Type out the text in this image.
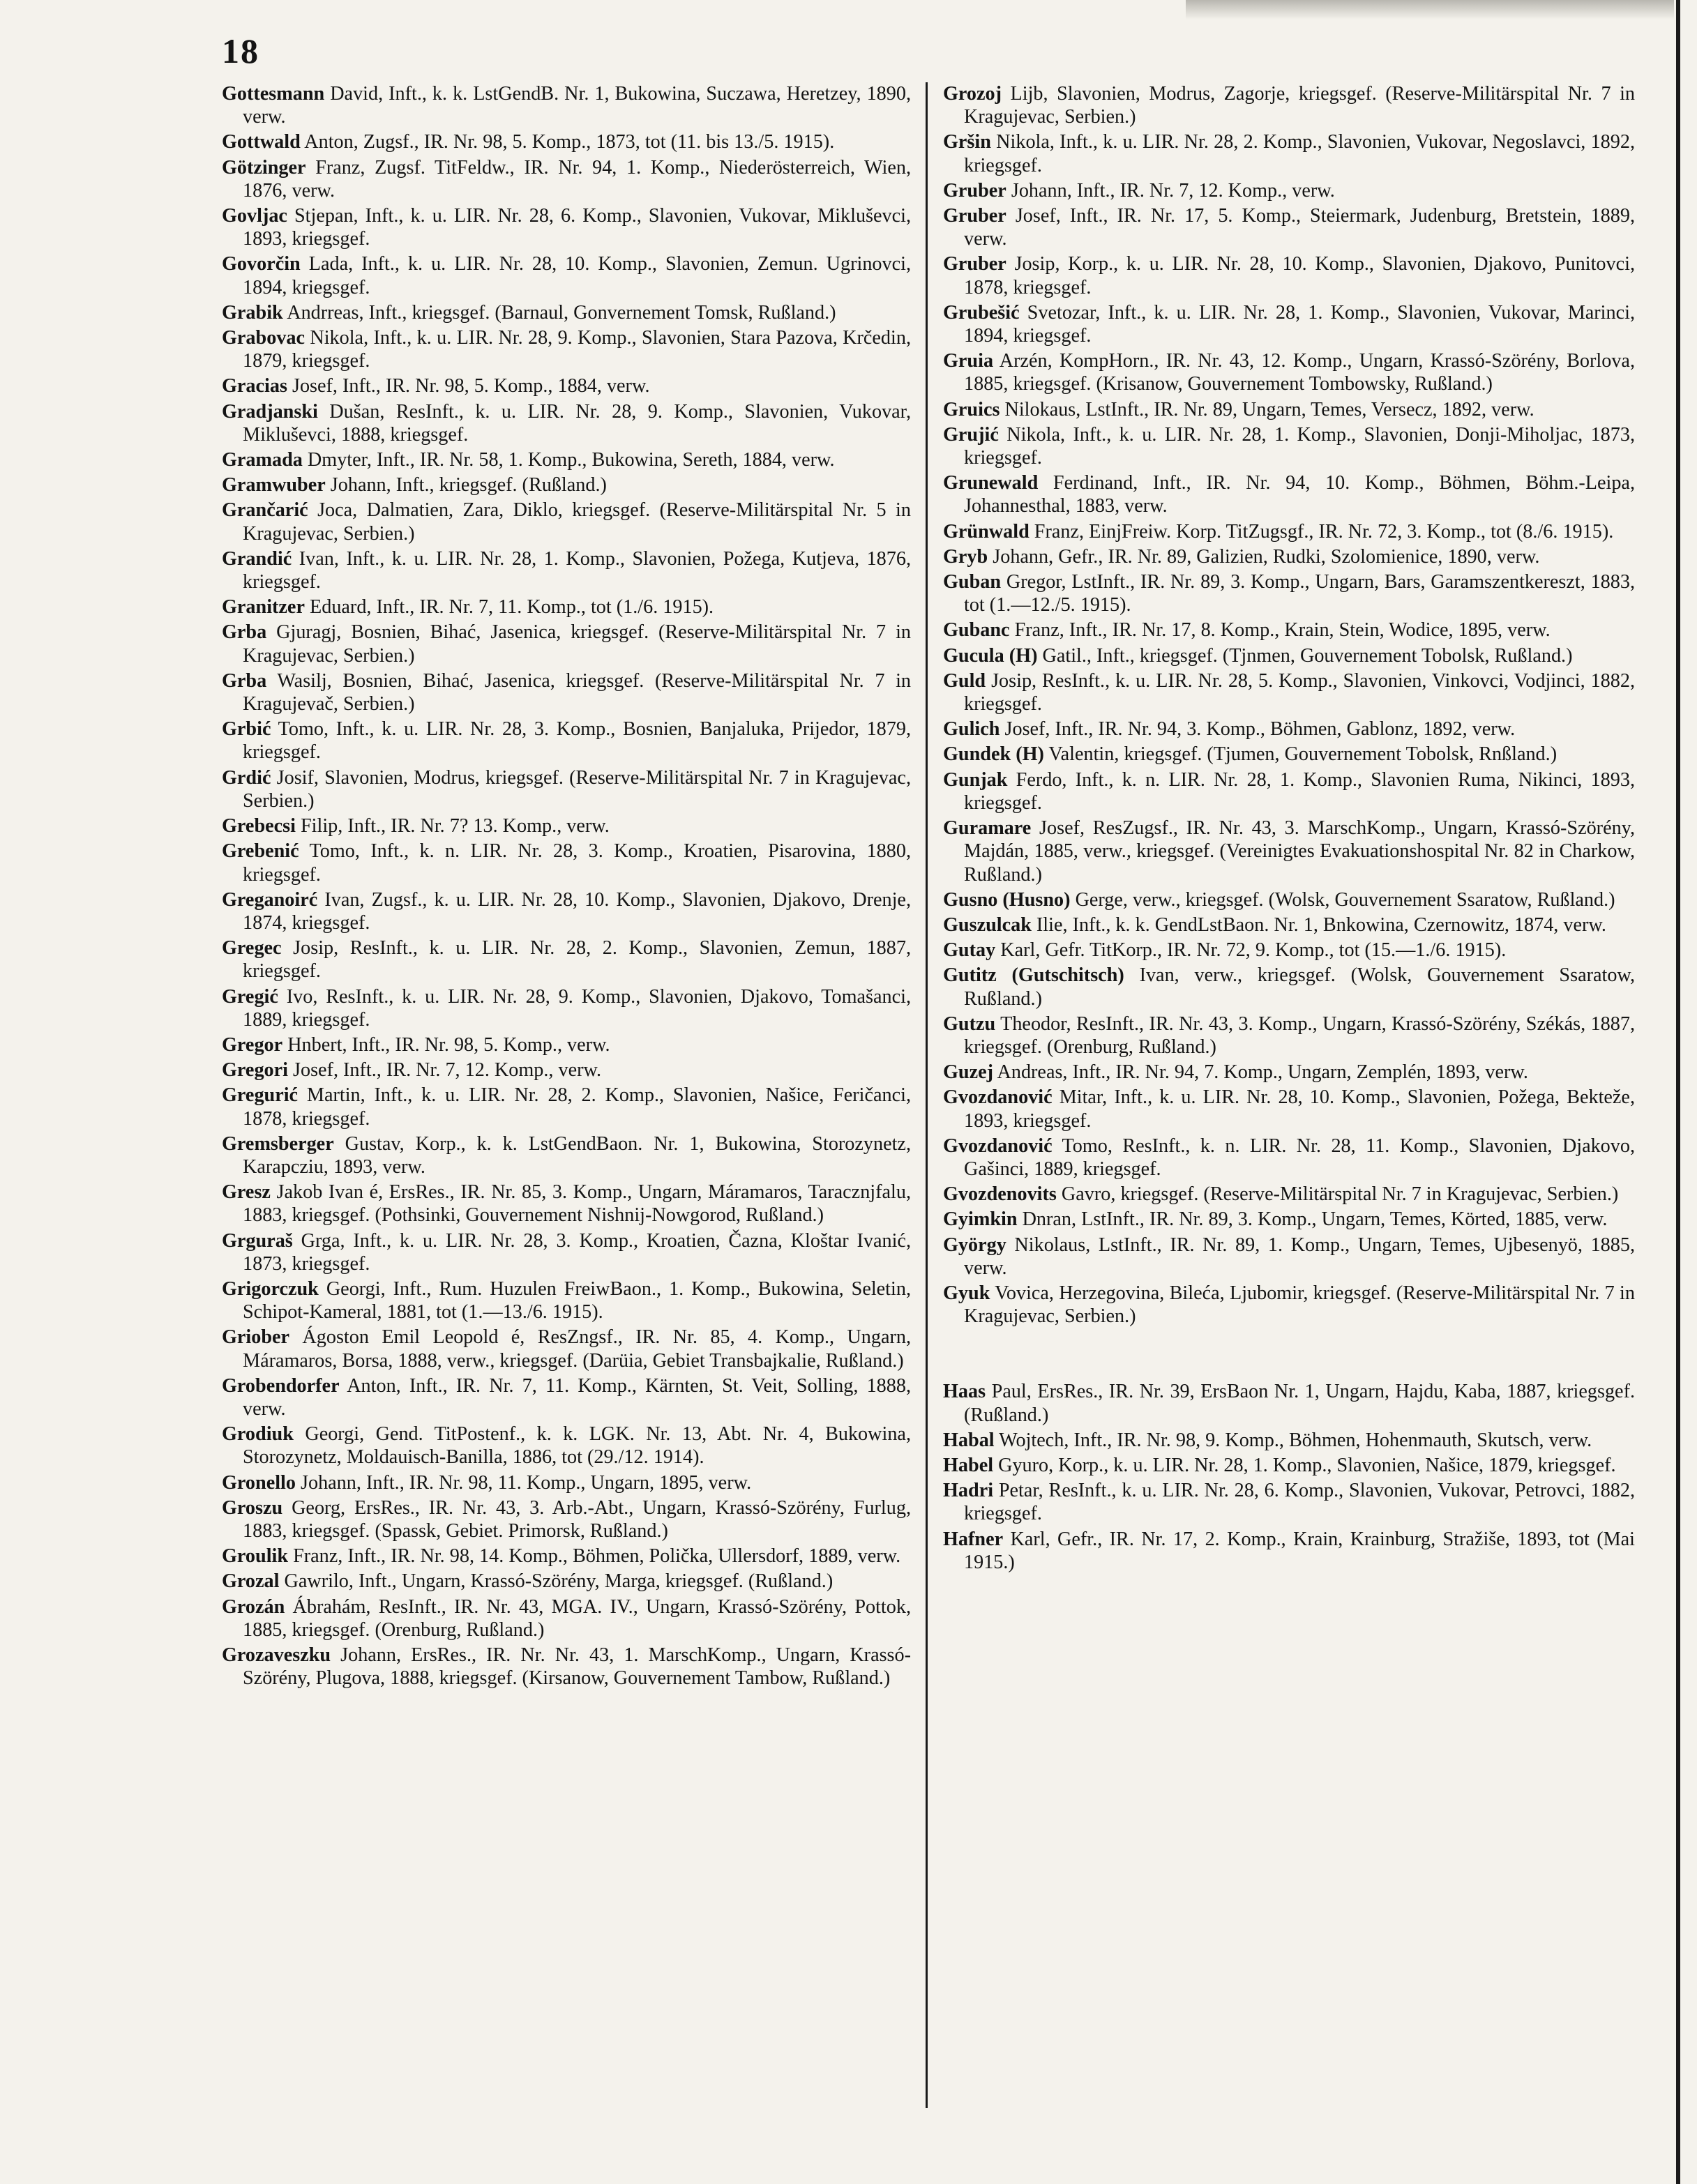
18

Gottesmann David, Inft., k. k. LstGendB. Nr. 1, Bukowina, Suczawa, Heretzey, 1890, verw.

Gottwald Anton, Zugsf., IR. Nr. 98, 5. Komp., 1873, tot (11. bis 13./5. 1915).

Götzinger Franz, Zugsf. TitFeldw., IR. Nr. 94, 1. Komp., Niederösterreich, Wien, 1876, verw.

Govljac Stjepan, Inft., k. u. LIR. Nr. 28, 6. Komp., Slavonien, Vukovar, Mikluševci, 1893, kriegsgef.

Govorčin Lada, Inft., k. u. LIR. Nr. 28, 10. Komp., Slavonien, Zemun. Ugrinovci, 1894, kriegsgef.

Grabik Andrreas, Inft., kriegsgef. (Barnaul, Gonvernement Tomsk, Rußland.)

Grabovac Nikola, Inft., k. u. LIR. Nr. 28, 9. Komp., Slavonien, Stara Pazova, Krčedin, 1879, kriegsgef.

Gracias Josef, Inft., IR. Nr. 98, 5. Komp., 1884, verw.

Gradjanski Dušan, ResInft., k. u. LIR. Nr. 28, 9. Komp., Slavonien, Vukovar, Mikluševci, 1888, kriegsgef.

Gramada Dmyter, Inft., IR. Nr. 58, 1. Komp., Bukowina, Sereth, 1884, verw.

Gramwuber Johann, Inft., kriegsgef. (Rußland.)

Grančarić Joca, Dalmatien, Zara, Diklo, kriegsgef. (Reserve-Militärspital Nr. 5 in Kragujevac, Serbien.)

Grandić Ivan, Inft., k. u. LIR. Nr. 28, 1. Komp., Slavonien, Požega, Kutjeva, 1876, kriegsgef.

Granitzer Eduard, Inft., IR. Nr. 7, 11. Komp., tot (1./6. 1915).

Grba Gjuragj, Bosnien, Bihać, Jasenica, kriegsgef. (Reserve-Militärspital Nr. 7 in Kragujevac, Serbien.)

Grba Wasilj, Bosnien, Bihać, Jasenica, kriegsgef. (Reserve-Militärspital Nr. 7 in Kragujevač, Serbien.)

Grbić Tomo, Inft., k. u. LIR. Nr. 28, 3. Komp., Bosnien, Banjaluka, Prijedor, 1879, kriegsgef.

Grdić Josif, Slavonien, Modrus, kriegsgef. (Reserve-Militärspital Nr. 7 in Kragujevac, Serbien.)

Grebecsi Filip, Inft., IR. Nr. 7? 13. Komp., verw.

Grebenić Tomo, Inft., k. n. LIR. Nr. 28, 3. Komp., Kroatien, Pisarovina, 1880, kriegsgef.

Greganoirć Ivan, Zugsf., k. u. LIR. Nr. 28, 10. Komp., Slavonien, Djakovo, Drenje, 1874, kriegsgef.

Gregec Josip, ResInft., k. u. LIR. Nr. 28, 2. Komp., Slavonien, Zemun, 1887, kriegsgef.

Gregić Ivo, ResInft., k. u. LIR. Nr. 28, 9. Komp., Slavonien, Djakovo, Tomašanci, 1889, kriegsgef.

Gregor Hnbert, Inft., IR. Nr. 98, 5. Komp., verw.

Gregori Josef, Inft., IR. Nr. 7, 12. Komp., verw.

Gregurić Martin, Inft., k. u. LIR. Nr. 28, 2. Komp., Slavonien, Našice, Feričanci, 1878, kriegsgef.

Gremsberger Gustav, Korp., k. k. LstGendBaon. Nr. 1, Bukowina, Storozynetz, Karapcziu, 1893, verw.

Gresz Jakob Ivan é, ErsRes., IR. Nr. 85, 3. Komp., Ungarn, Máramaros, Taracznjfalu, 1883, kriegsgef. (Pothsinki, Gouvernement Nishnij-Nowgorod, Rußland.)

Grguraš Grga, Inft., k. u. LIR. Nr. 28, 3. Komp., Kroatien, Čazna, Kloštar Ivanić, 1873, kriegsgef.

Grigorczuk Georgi, Inft., Rum. Huzulen FreiwBaon., 1. Komp., Bukowina, Seletin, Schipot-Kameral, 1881, tot (1.—13./6. 1915).

Griober Ágoston Emil Leopold é, ResZngsf., IR. Nr. 85, 4. Komp., Ungarn, Máramaros, Borsa, 1888, verw., kriegsgef. (Darüia, Gebiet Transbajkalie, Rußland.)

Grobendorfer Anton, Inft., IR. Nr. 7, 11. Komp., Kärnten, St. Veit, Solling, 1888, verw.

Grodiuk Georgi, Gend. TitPostenf., k. k. LGK. Nr. 13, Abt. Nr. 4, Bukowina, Storozynetz, Moldauisch-Banilla, 1886, tot (29./12. 1914).

Gronello Johann, Inft., IR. Nr. 98, 11. Komp., Ungarn, 1895, verw.

Groszu Georg, ErsRes., IR. Nr. 43, 3. Arb.-Abt., Ungarn, Krassó-Szörény, Furlug, 1883, kriegsgef. (Spassk, Gebiet. Primorsk, Rußland.)

Groulik Franz, Inft., IR. Nr. 98, 14. Komp., Böhmen, Polička, Ullersdorf, 1889, verw.

Grozal Gawrilo, Inft., Ungarn, Krassó-Szörény, Marga, kriegsgef. (Rußland.)

Grozán Ábrahám, ResInft., IR. Nr. 43, MGA. IV., Ungarn, Krassó-Szörény, Pottok, 1885, kriegsgef. (Orenburg, Rußland.)

Grozaveszku Johann, ErsRes., IR. Nr. Nr. 43, 1. MarschKomp., Ungarn, Krassó-Szörény, Plugova, 1888, kriegsgef. (Kirsanow, Gouvernement Tambow, Rußland.)

Grozoj Lijb, Slavonien, Modrus, Zagorje, kriegsgef. (Reserve-Militärspital Nr. 7 in Kragujevac, Serbien.)

Gršin Nikola, Inft., k. u. LIR. Nr. 28, 2. Komp., Slavonien, Vukovar, Negoslavci, 1892, kriegsgef.

Gruber Johann, Inft., IR. Nr. 7, 12. Komp., verw.

Gruber Josef, Inft., IR. Nr. 17, 5. Komp., Steiermark, Judenburg, Bretstein, 1889, verw.

Gruber Josip, Korp., k. u. LIR. Nr. 28, 10. Komp., Slavonien, Djakovo, Punitovci, 1878, kriegsgef.

Grubešić Svetozar, Inft., k. u. LIR. Nr. 28, 1. Komp., Slavonien, Vukovar, Marinci, 1894, kriegsgef.

Gruia Arzén, KompHorn., IR. Nr. 43, 12. Komp., Ungarn, Krassó-Szörény, Borlova, 1885, kriegsgef. (Krisanow, Gouvernement Tombowsky, Rußland.)

Gruics Nilokaus, LstInft., IR. Nr. 89, Ungarn, Temes, Versecz, 1892, verw.

Grujić Nikola, Inft., k. u. LIR. Nr. 28, 1. Komp., Slavonien, Donji-Miholjac, 1873, kriegsgef.

Grunewald Ferdinand, Inft., IR. Nr. 94, 10. Komp., Böhmen, Böhm.-Leipa, Johannesthal, 1883, verw.

Grünwald Franz, EinjFreiw. Korp. TitZugsgf., IR. Nr. 72, 3. Komp., tot (8./6. 1915).

Gryb Johann, Gefr., IR. Nr. 89, Galizien, Rudki, Szolomienice, 1890, verw.

Guban Gregor, LstInft., IR. Nr. 89, 3. Komp., Ungarn, Bars, Garamszentkereszt, 1883, tot (1.—12./5. 1915).

Gubanc Franz, Inft., IR. Nr. 17, 8. Komp., Krain, Stein, Wodice, 1895, verw.

Gucula (H) Gatil., Inft., kriegsgef. (Tjnmen, Gouvernement Tobolsk, Rußland.)

Guld Josip, ResInft., k. u. LIR. Nr. 28, 5. Komp., Slavonien, Vinkovci, Vodjinci, 1882, kriegsgef.

Gulich Josef, Inft., IR. Nr. 94, 3. Komp., Böhmen, Gablonz, 1892, verw.

Gundek (H) Valentin, kriegsgef. (Tjumen, Gouvernement Tobolsk, Rnßland.)

Gunjak Ferdo, Inft., k. n. LIR. Nr. 28, 1. Komp., Slavonien Ruma, Nikinci, 1893, kriegsgef.

Guramare Josef, ResZugsf., IR. Nr. 43, 3. MarschKomp., Ungarn, Krassó-Szörény, Majdán, 1885, verw., kriegsgef. (Vereinigtes Evakuationshospital Nr. 82 in Charkow, Rußland.)

Gusno (Husno) Gerge, verw., kriegsgef. (Wolsk, Gouvernement Ssaratow, Rußland.)

Guszulcak Ilie, Inft., k. k. GendLstBaon. Nr. 1, Bnkowina, Czernowitz, 1874, verw.

Gutay Karl, Gefr. TitKorp., IR. Nr. 72, 9. Komp., tot (15.—1./6. 1915).

Gutitz (Gutschitsch) Ivan, verw., kriegsgef. (Wolsk, Gouvernement Ssaratow, Rußland.)

Gutzu Theodor, ResInft., IR. Nr. 43, 3. Komp., Ungarn, Krassó-Szörény, Székás, 1887, kriegsgef. (Orenburg, Rußland.)

Guzej Andreas, Inft., IR. Nr. 94, 7. Komp., Ungarn, Zemplén, 1893, verw.

Gvozdanović Mitar, Inft., k. u. LIR. Nr. 28, 10. Komp., Slavonien, Požega, Bekteže, 1893, kriegsgef.

Gvozdanović Tomo, ResInft., k. n. LIR. Nr. 28, 11. Komp., Slavonien, Djakovo, Gašinci, 1889, kriegsgef.

Gvozdenovits Gavro, kriegsgef. (Reserve-Militärspital Nr. 7 in Kragujevac, Serbien.)

Gyimkin Dnran, LstInft., IR. Nr. 89, 3. Komp., Ungarn, Temes, Körted, 1885, verw.

György Nikolaus, LstInft., IR. Nr. 89, 1. Komp., Ungarn, Temes, Ujbesenyö, 1885, verw.

Gyuk Vovica, Herzegovina, Bileća, Ljubomir, kriegsgef. (Reserve-Militärspital Nr. 7 in Kragujevac, Serbien.)

Haas Paul, ErsRes., IR. Nr. 39, ErsBaon Nr. 1, Ungarn, Hajdu, Kaba, 1887, kriegsgef. (Rußland.)

Habal Wojtech, Inft., IR. Nr. 98, 9. Komp., Böhmen, Hohenmauth, Skutsch, verw.

Habel Gyuro, Korp., k. u. LIR. Nr. 28, 1. Komp., Slavonien, Našice, 1879, kriegsgef.

Hadri Petar, ResInft., k. u. LIR. Nr. 28, 6. Komp., Slavonien, Vukovar, Petrovci, 1882, kriegsgef.

Hafner Karl, Gefr., IR. Nr. 17, 2. Komp., Krain, Krainburg, Stražiše, 1893, tot (Mai 1915.)
